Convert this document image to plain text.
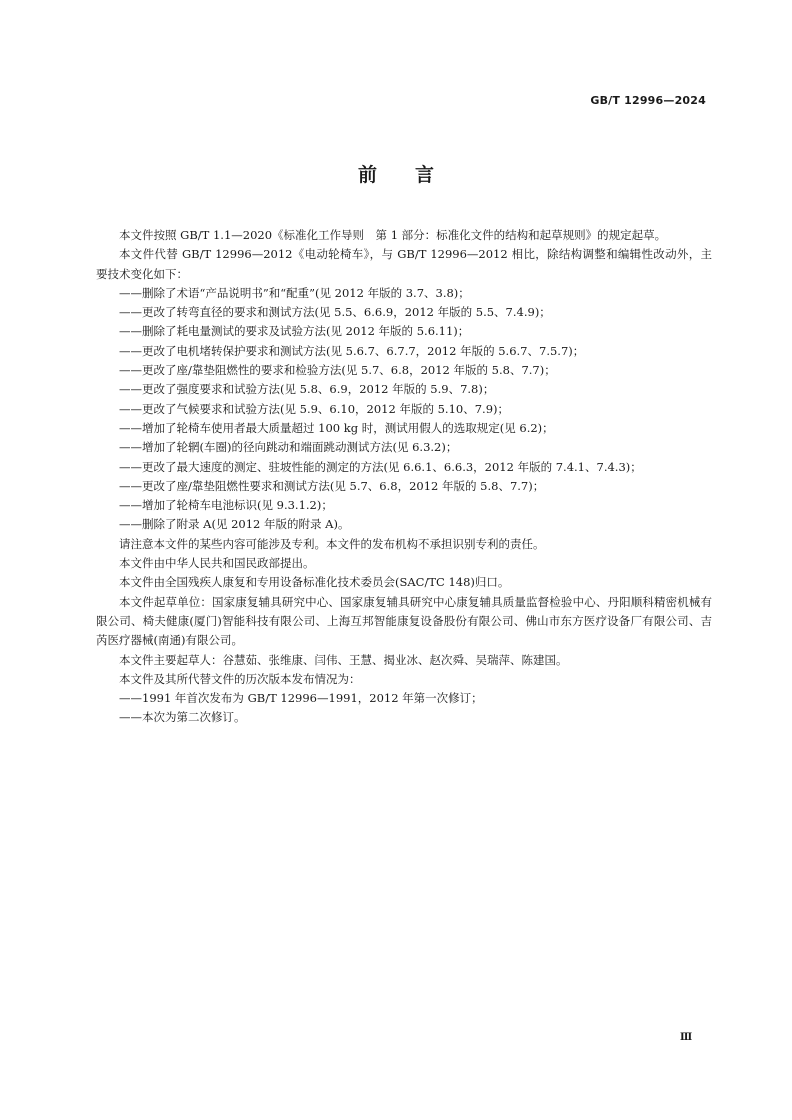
GB/T 12996—2024
前言

本文件按照 GB/T 1.1—2020《标准化工作导则　第 1 部分：标准化文件的结构和起草规则》的规定起草。

本文件代替 GB/T 12996—2012《电动轮椅车》，与 GB/T 12996—2012 相比，除结构调整和编辑性改动外，主要技术变化如下：

——删除了术语“产品说明书”和“配重”(见 2012 年版的 3.7、3.8)；

——更改了转弯直径的要求和测试方法(见 5.5、6.6.9，2012 年版的 5.5、7.4.9)；

——删除了耗电量测试的要求及试验方法(见 2012 年版的 5.6.11)；

——更改了电机堵转保护要求和测试方法(见 5.6.7、6.7.7，2012 年版的 5.6.7、7.5.7)；

——更改了座/靠垫阻燃性的要求和检验方法(见 5.7、6.8，2012 年版的 5.8、7.7)；

——更改了强度要求和试验方法(见 5.8、6.9，2012 年版的 5.9、7.8)；

——更改了气候要求和试验方法(见 5.9、6.10，2012 年版的 5.10、7.9)；

——增加了轮椅车使用者最大质量超过 100 kg 时，测试用假人的选取规定(见 6.2)；

——增加了轮辋(车圈)的径向跳动和端面跳动测试方法(见 6.3.2)；

——更改了最大速度的测定、驻坡性能的测定的方法(见 6.6.1、6.6.3，2012 年版的 7.4.1、7.4.3)；

——更改了座/靠垫阻燃性要求和测试方法(见 5.7、6.8，2012 年版的 5.8、7.7)；

——增加了轮椅车电池标识(见 9.3.1.2)；

——删除了附录 A(见 2012 年版的附录 A)。

请注意本文件的某些内容可能涉及专利。本文件的发布机构不承担识别专利的责任。

本文件由中华人民共和国民政部提出。

本文件由全国残疾人康复和专用设备标准化技术委员会(SAC/TC 148)归口。

本文件起草单位：国家康复辅具研究中心、国家康复辅具研究中心康复辅具质量监督检验中心、丹阳顺科精密机械有限公司、椅夫健康(厦门)智能科技有限公司、上海互邦智能康复设备股份有限公司、佛山市东方医疗设备厂有限公司、吉芮医疗器械(南通)有限公司。

本文件主要起草人：谷慧茹、张维康、闫伟、王慧、揭业冰、赵次舜、吴瑞萍、陈建国。

本文件及其所代替文件的历次版本发布情况为：

——1991 年首次发布为 GB/T 12996—1991，2012 年第一次修订；

——本次为第二次修订。

Ⅲ
